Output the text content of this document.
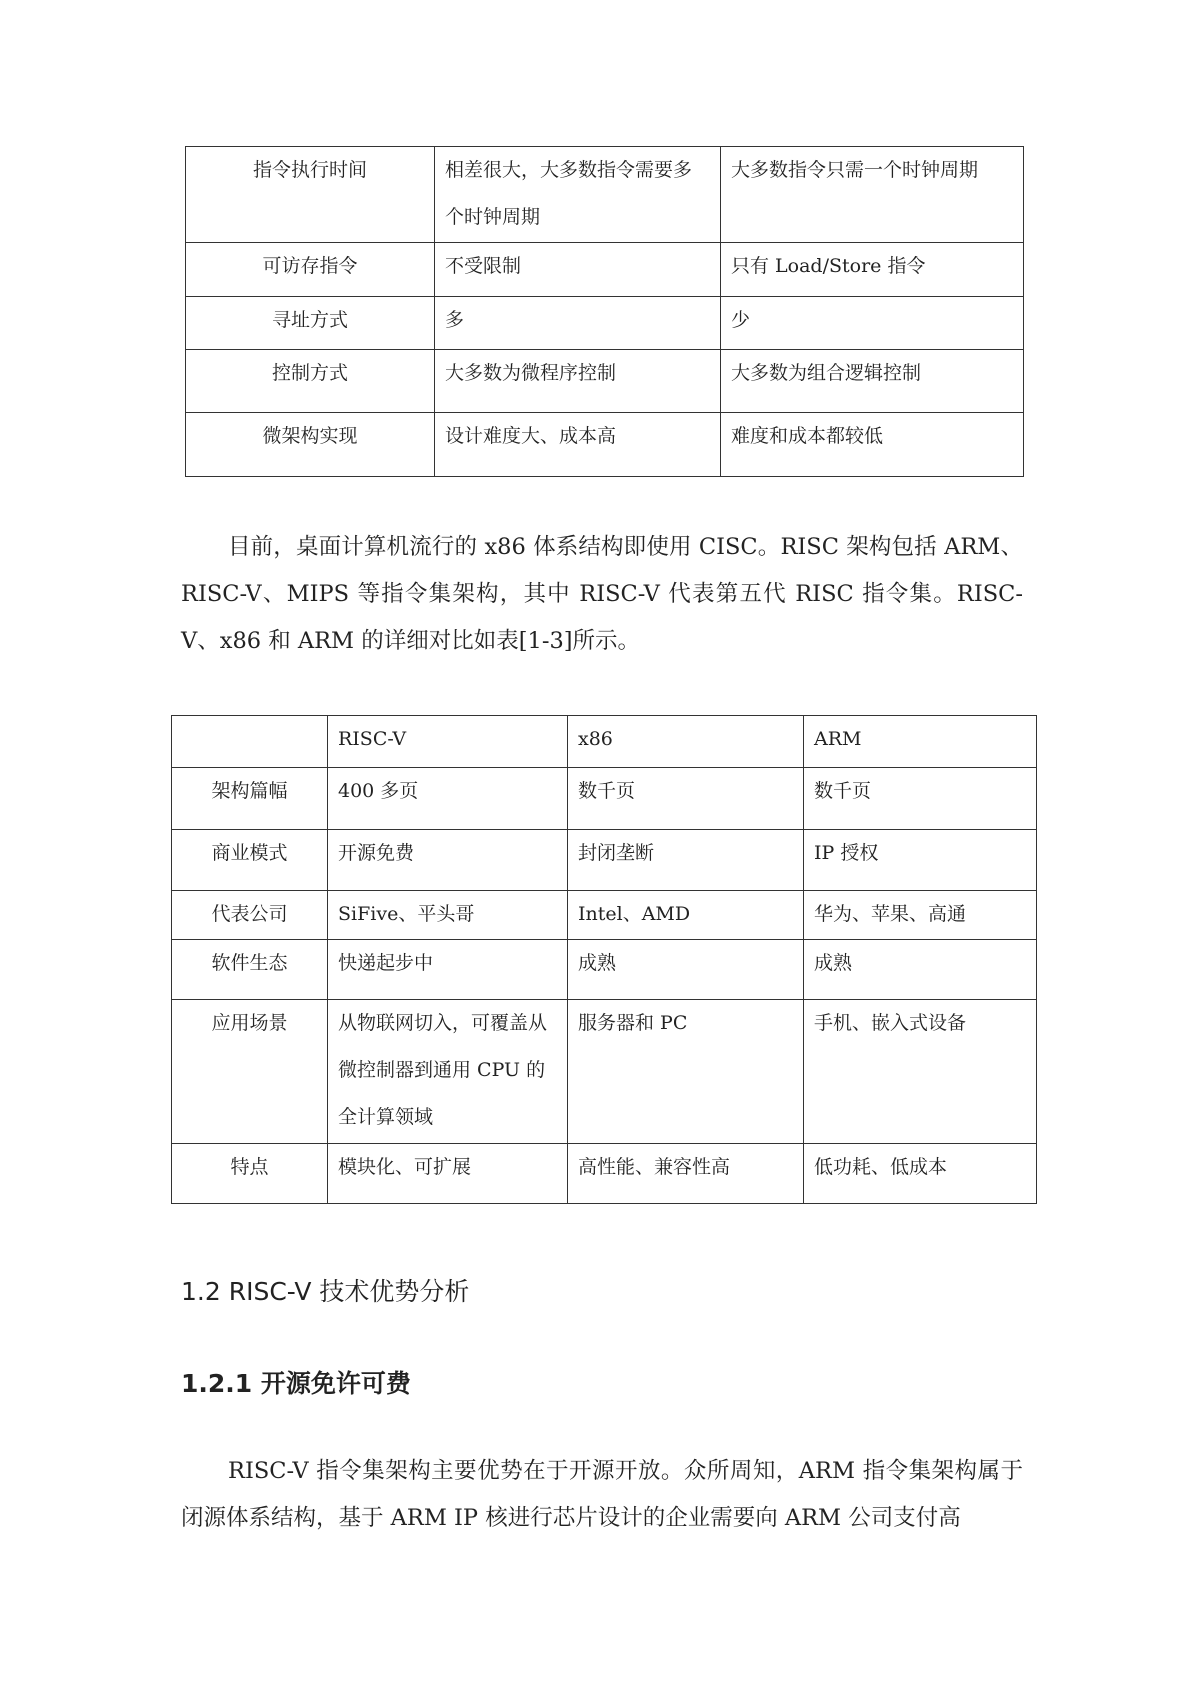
指令执行时间	相差很大，大多数指令需要多个时钟周期	大多数指令只需一个时钟周期
可访存指令	不受限制	只有 Load/Store 指令
寻址方式	多	少
控制方式	大多数为微程序控制	大多数为组合逻辑控制
微架构实现	设计难度大、成本高	难度和成本都较低
目前，桌面计算机流行的 x86 体系结构即使用 CISC。RISC 架构包括 ARM、RISC-V、MIPS 等指令集架构，其中 RISC-V 代表第五代 RISC 指令集。RISC-V、x86 和 ARM 的详细对比如表[1-3]所示。
	RISC-V	x86	ARM
架构篇幅	400 多页	数千页	数千页
商业模式	开源免费	封闭垄断	IP 授权
代表公司	SiFive、平头哥	Intel、AMD	华为、苹果、高通
软件生态	快递起步中	成熟	成熟
应用场景	从物联网切入，可覆盖从微控制器到通用 CPU 的全计算领域	服务器和 PC	手机、嵌入式设备
特点	模块化、可扩展	高性能、兼容性高	低功耗、低成本
1.2 RISC-V 技术优势分析
1.2.1 开源免许可费
RISC-V 指令集架构主要优势在于开源开放。众所周知，ARM 指令集架构属于闭源体系结构，基于 ARM IP 核进行芯片设计的企业需要向 ARM 公司支付高
